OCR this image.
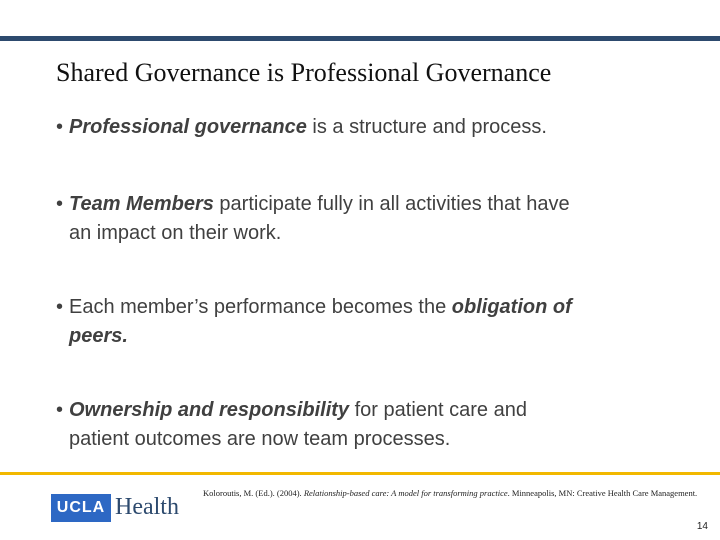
Shared Governance is Professional Governance
• Professional governance is a structure and process.
• Team Members participate fully in all activities that have
an impact on their work.
• Each member’s performance becomes the obligation of
peers.
• Ownership and responsibility for patient care and
patient outcomes are now team processes.
Koloroutis, M. (Ed.). (2004). Relationship-based care: A model for transforming practice. Minneapolis, MN: Creative Health Care Management.
UCLA Health
14
